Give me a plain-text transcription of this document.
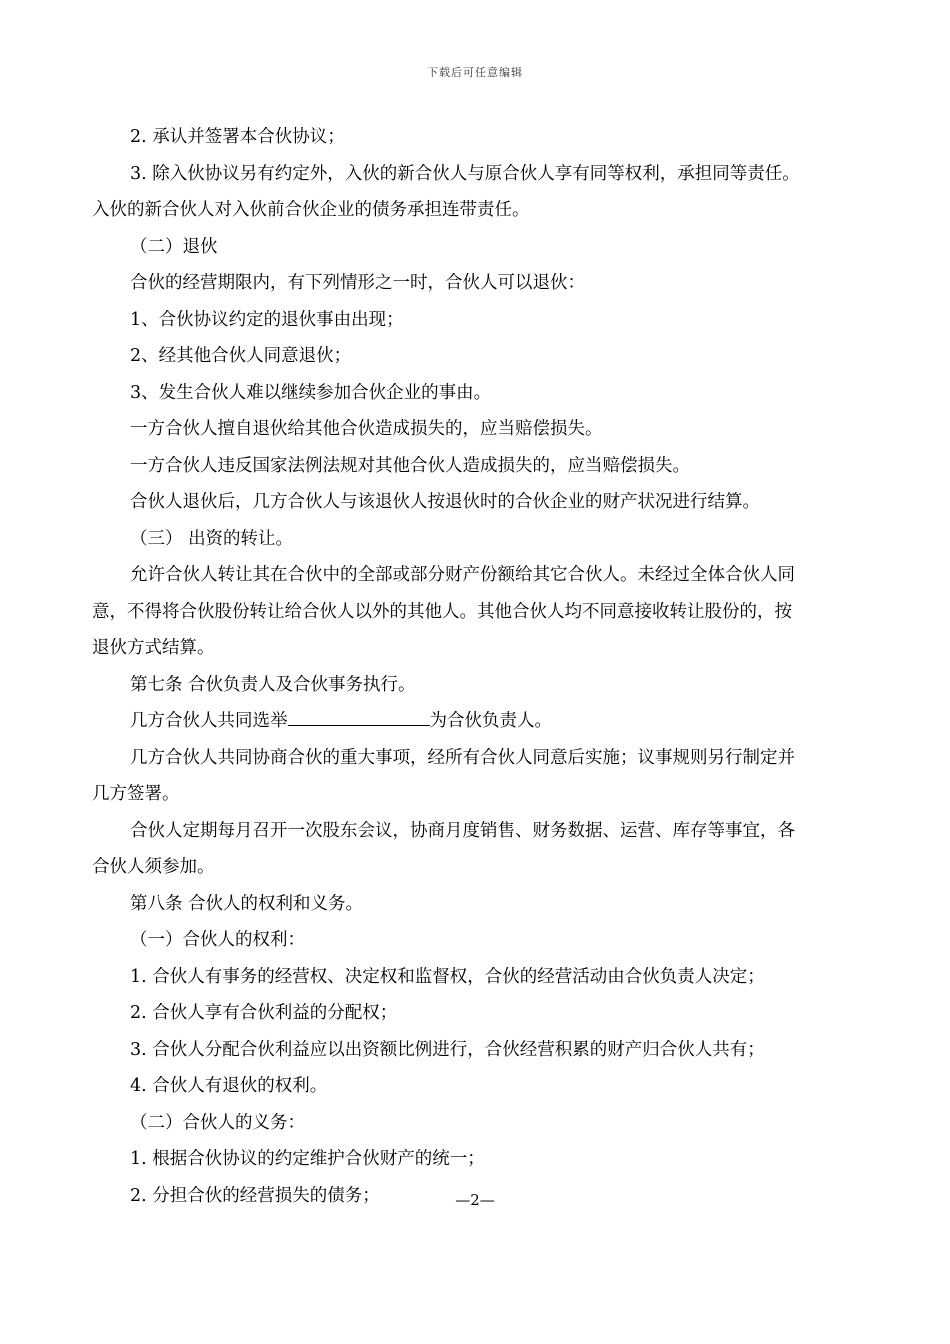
下载后可任意编辑

2. 承认并签署本合伙协议；

3. 除入伙协议另有约定外，入伙的新合伙人与原合伙人享有同等权利，承担同等责任。

入伙的新合伙人对入伙前合伙企业的债务承担连带责任。

（二）退伙

合伙的经营期限内，有下列情形之一时，合伙人可以退伙：

1、合伙协议约定的退伙事由出现；

2、经其他合伙人同意退伙；

3、发生合伙人难以继续参加合伙企业的事由。

一方合伙人擅自退伙给其他合伙造成损失的，应当赔偿损失。

一方合伙人违反国家法例法规对其他合伙人造成损失的，应当赔偿损失。

合伙人退伙后，几方合伙人与该退伙人按退伙时的合伙企业的财产状况进行结算。

（三） 出资的转让。

允许合伙人转让其在合伙中的全部或部分财产份额给其它合伙人。未经过全体合伙人同

意，不得将合伙股份转让给合伙人以外的其他人。其他合伙人均不同意接收转让股份的，按

退伙方式结算。

第七条 合伙负责人及合伙事务执行。

几方合伙人共同选举	为合伙负责人。

几方合伙人共同协商合伙的重大事项，经所有合伙人同意后实施；议事规则另行制定并

几方签署。

合伙人定期每月召开一次股东会议，协商月度销售、财务数据、运营、库存等事宜，各

合伙人须参加。

第八条 合伙人的权利和义务。

（一）合伙人的权利：

1. 合伙人有事务的经营权、决定权和监督权，合伙的经营活动由合伙负责人决定；

2. 合伙人享有合伙利益的分配权；

3. 合伙人分配合伙利益应以出资额比例进行，合伙经营积累的财产归合伙人共有；

4. 合伙人有退伙的权利。

（二）合伙人的义务：

1. 根据合伙协议的约定维护合伙财产的统一；

2. 分担合伙的经营损失的债务；	—2—
